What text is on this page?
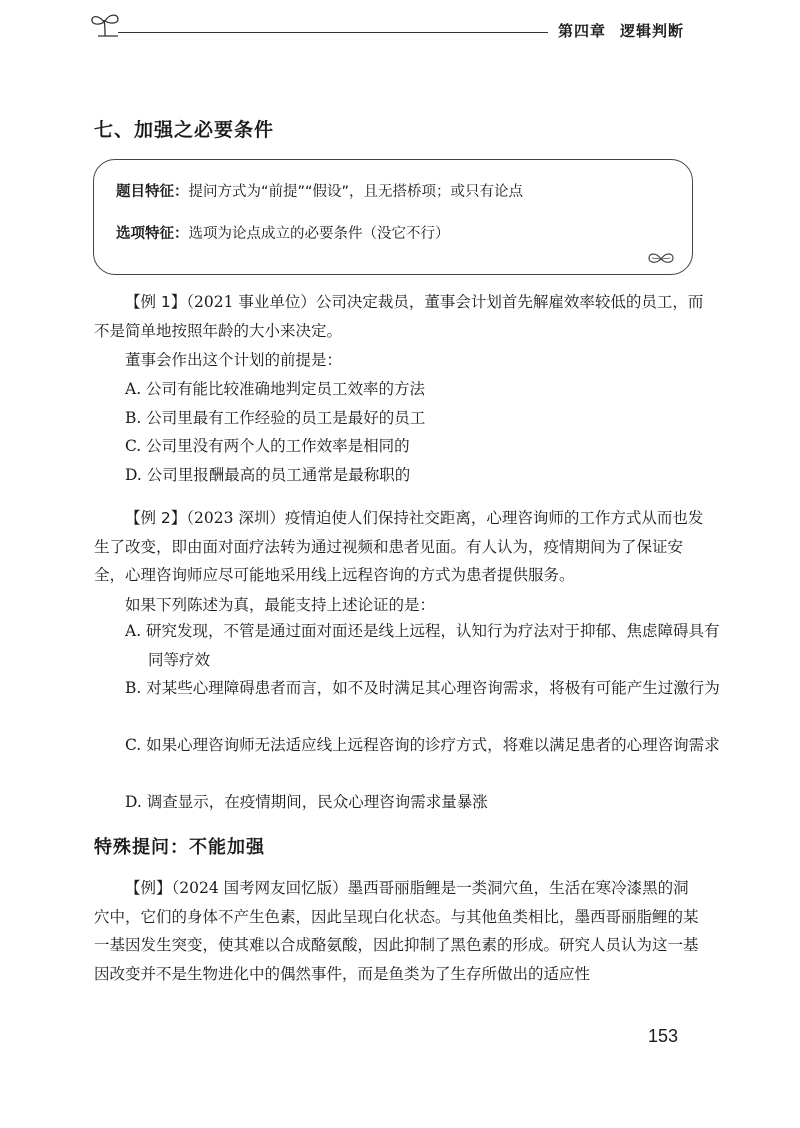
第四章 逻辑判断
七、加强之必要条件
题目特征：提问方式为“前提”“假设”，且无搭桥项；或只有论点
选项特征：选项为论点成立的必要条件（没它不行）

【例 1】（2021 事业单位）公司决定裁员，董事会计划首先解雇效率较低的员工，而不是简单地按照年龄的大小来决定。

董事会作出这个计划的前提是：
A. 公司有能比较准确地判定员工效率的方法
B. 公司里最有工作经验的员工是最好的员工
C. 公司里没有两个人的工作效率是相同的
D. 公司里报酬最高的员工通常是最称职的

【例 2】（2023 深圳）疫情迫使人们保持社交距离，心理咨询师的工作方式从而也发生了改变，即由面对面疗法转为通过视频和患者见面。有人认为，疫情期间为了保证安全，心理咨询师应尽可能地采用线上远程咨询的方式为患者提供服务。

如果下列陈述为真，最能支持上述论证的是：

A. 研究发现，不管是通过面对面还是线上远程，认知行为疗法对于抑郁、焦虑障碍具有同等疗效

B. 对某些心理障碍患者而言，如不及时满足其心理咨询需求，将极有可能产生过激行为

C. 如果心理咨询师无法适应线上远程咨询的诊疗方式，将难以满足患者的心理咨询需求

D. 调查显示，在疫情期间，民众心理咨询需求量暴涨

特殊提问：不能加强

【例】（2024 国考网友回忆版）墨西哥丽脂鲤是一类洞穴鱼，生活在寒冷漆黑的洞穴中，它们的身体不产生色素，因此呈现白化状态。与其他鱼类相比，墨西哥丽脂鲤的某一基因发生突变，使其难以合成酪氨酸，因此抑制了黑色素的形成。研究人员认为这一基因改变并不是生物进化中的偶然事件，而是鱼类为了生存所做出的适应性

153
